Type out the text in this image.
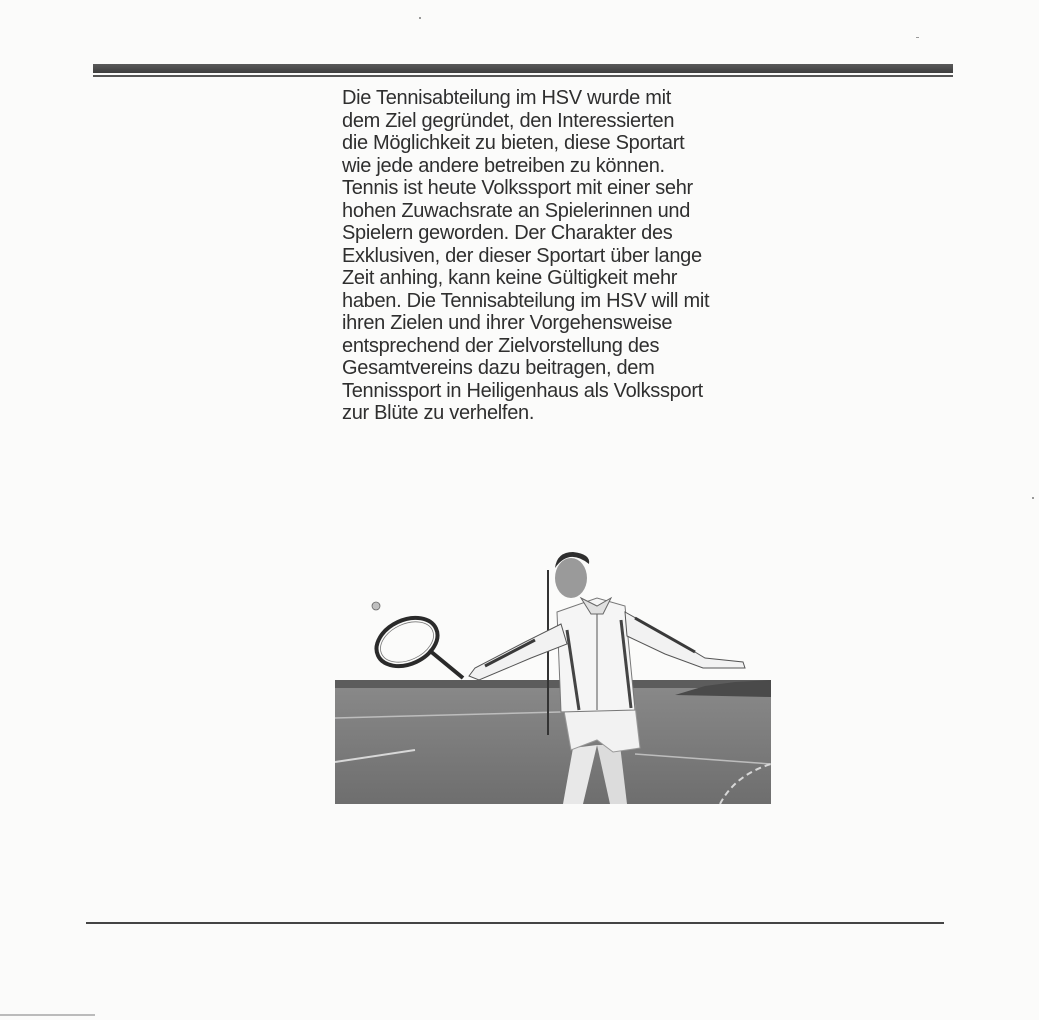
Die Tennisabteilung im HSV wurde mit
dem Ziel gegründet, den Interessierten
die Möglichkeit zu bieten, diese Sportart
wie jede andere betreiben zu können.
Tennis ist heute Volkssport mit einer sehr
hohen Zuwachsrate an Spielerinnen und
Spielern geworden. Der Charakter des
Exklusiven, der dieser Sportart über lange
Zeit anhing, kann keine Gültigkeit mehr
haben. Die Tennisabteilung im HSV will mit
ihren Zielen und ihrer Vorgehensweise
entsprechend der Zielvorstellung des
Gesamtvereins dazu beitragen, dem
Tennissport in Heiligenhaus als Volkssport
zur Blüte zu verhelfen.
